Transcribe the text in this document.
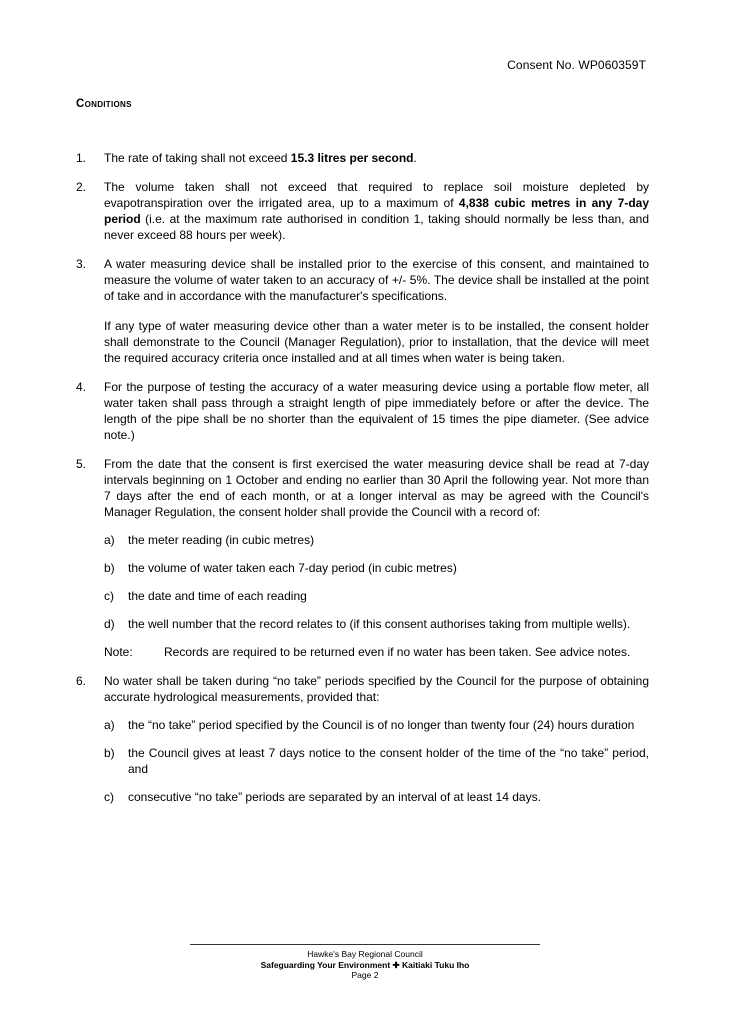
Consent No. WP060359T
Conditions
1. The rate of taking shall not exceed 15.3 litres per second.

2. The volume taken shall not exceed that required to replace soil moisture depleted by evapotranspiration over the irrigated area, up to a maximum of 4,838 cubic metres in any 7-day period (i.e. at the maximum rate authorised in condition 1, taking should normally be less than, and never exceed 88 hours per week).

3. A water measuring device shall be installed prior to the exercise of this consent, and maintained to measure the volume of water taken to an accuracy of +/- 5%. The device shall be installed at the point of take and in accordance with the manufacturer's specifications.

If any type of water measuring device other than a water meter is to be installed, the consent holder shall demonstrate to the Council (Manager Regulation), prior to installation, that the device will meet the required accuracy criteria once installed and at all times when water is being taken.

4. For the purpose of testing the accuracy of a water measuring device using a portable flow meter, all water taken shall pass through a straight length of pipe immediately before or after the device. The length of the pipe shall be no shorter than the equivalent of 15 times the pipe diameter. (See advice note.)

5. From the date that the consent is first exercised the water measuring device shall be read at 7-day intervals beginning on 1 October and ending no earlier than 30 April the following year. Not more than 7 days after the end of each month, or at a longer interval as may be agreed with the Council's Manager Regulation, the consent holder shall provide the Council with a record of:

a) the meter reading (in cubic metres)
b) the volume of water taken each 7-day period (in cubic metres)
c) the date and time of each reading
d) the well number that the record relates to (if this consent authorises taking from multiple wells).

Note:	Records are required to be returned even if no water has been taken. See advice notes.

6. No water shall be taken during “no take” periods specified by the Council for the purpose of obtaining accurate hydrological measurements, provided that:

a) the “no take” period specified by the Council is of no longer than twenty four (24) hours duration
b) the Council gives at least 7 days notice to the consent holder of the time of the “no take” period, and
c) consecutive “no take” periods are separated by an interval of at least 14 days.
Hawke's Bay Regional Council
Safeguarding Your Environment ✚ Kaitiaki Tuku Iho
Page 2
